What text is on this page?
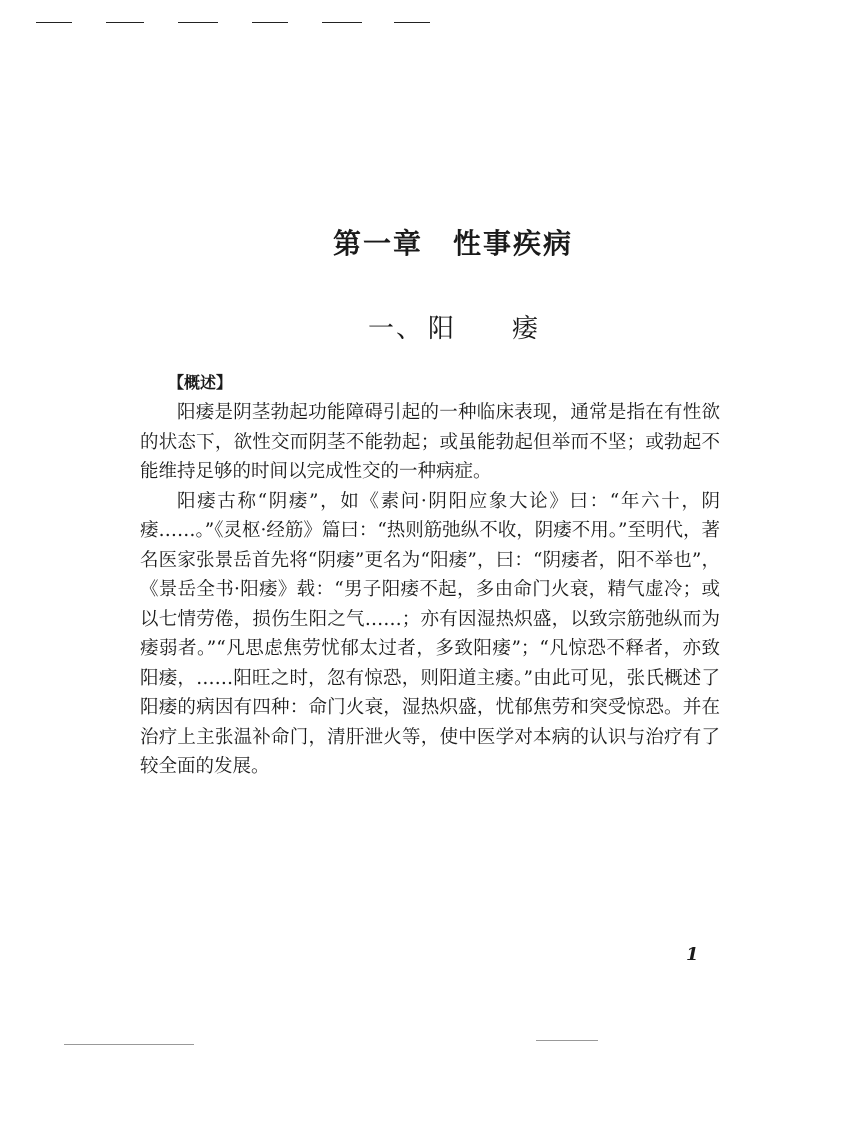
第一章　性事疾病
一、 阳 痿
【概述】

阳痿是阴茎勃起功能障碍引起的一种临床表现，通常是指在有性欲的状态下，欲性交而阴茎不能勃起；或虽能勃起但举而不坚；或勃起不能维持足够的时间以完成性交的一种病症。

阳痿古称“阴痿”，如《素问·阴阳应象大论》曰：“年六十，阴痿……。”《灵枢·经筋》篇曰：“热则筋弛纵不收，阴痿不用。”至明代，著名医家张景岳首先将“阴痿”更名为“阳痿”，曰：“阴痿者，阳不举也”，《景岳全书·阳痿》载：“男子阳痿不起，多由命门火衰，精气虚冷；或以七情劳倦，损伤生阳之气……；亦有因湿热炽盛，以致宗筋弛纵而为痿弱者。”“凡思虑焦劳忧郁太过者，多致阳痿”；“凡惊恐不释者，亦致阳痿，……阳旺之时，忽有惊恐，则阳道主痿。”由此可见，张氏概述了阳痿的病因有四种：命门火衰，湿热炽盛，忧郁焦劳和突受惊恐。并在治疗上主张温补命门，清肝泄火等，使中医学对本病的认识与治疗有了较全面的发展。

1
